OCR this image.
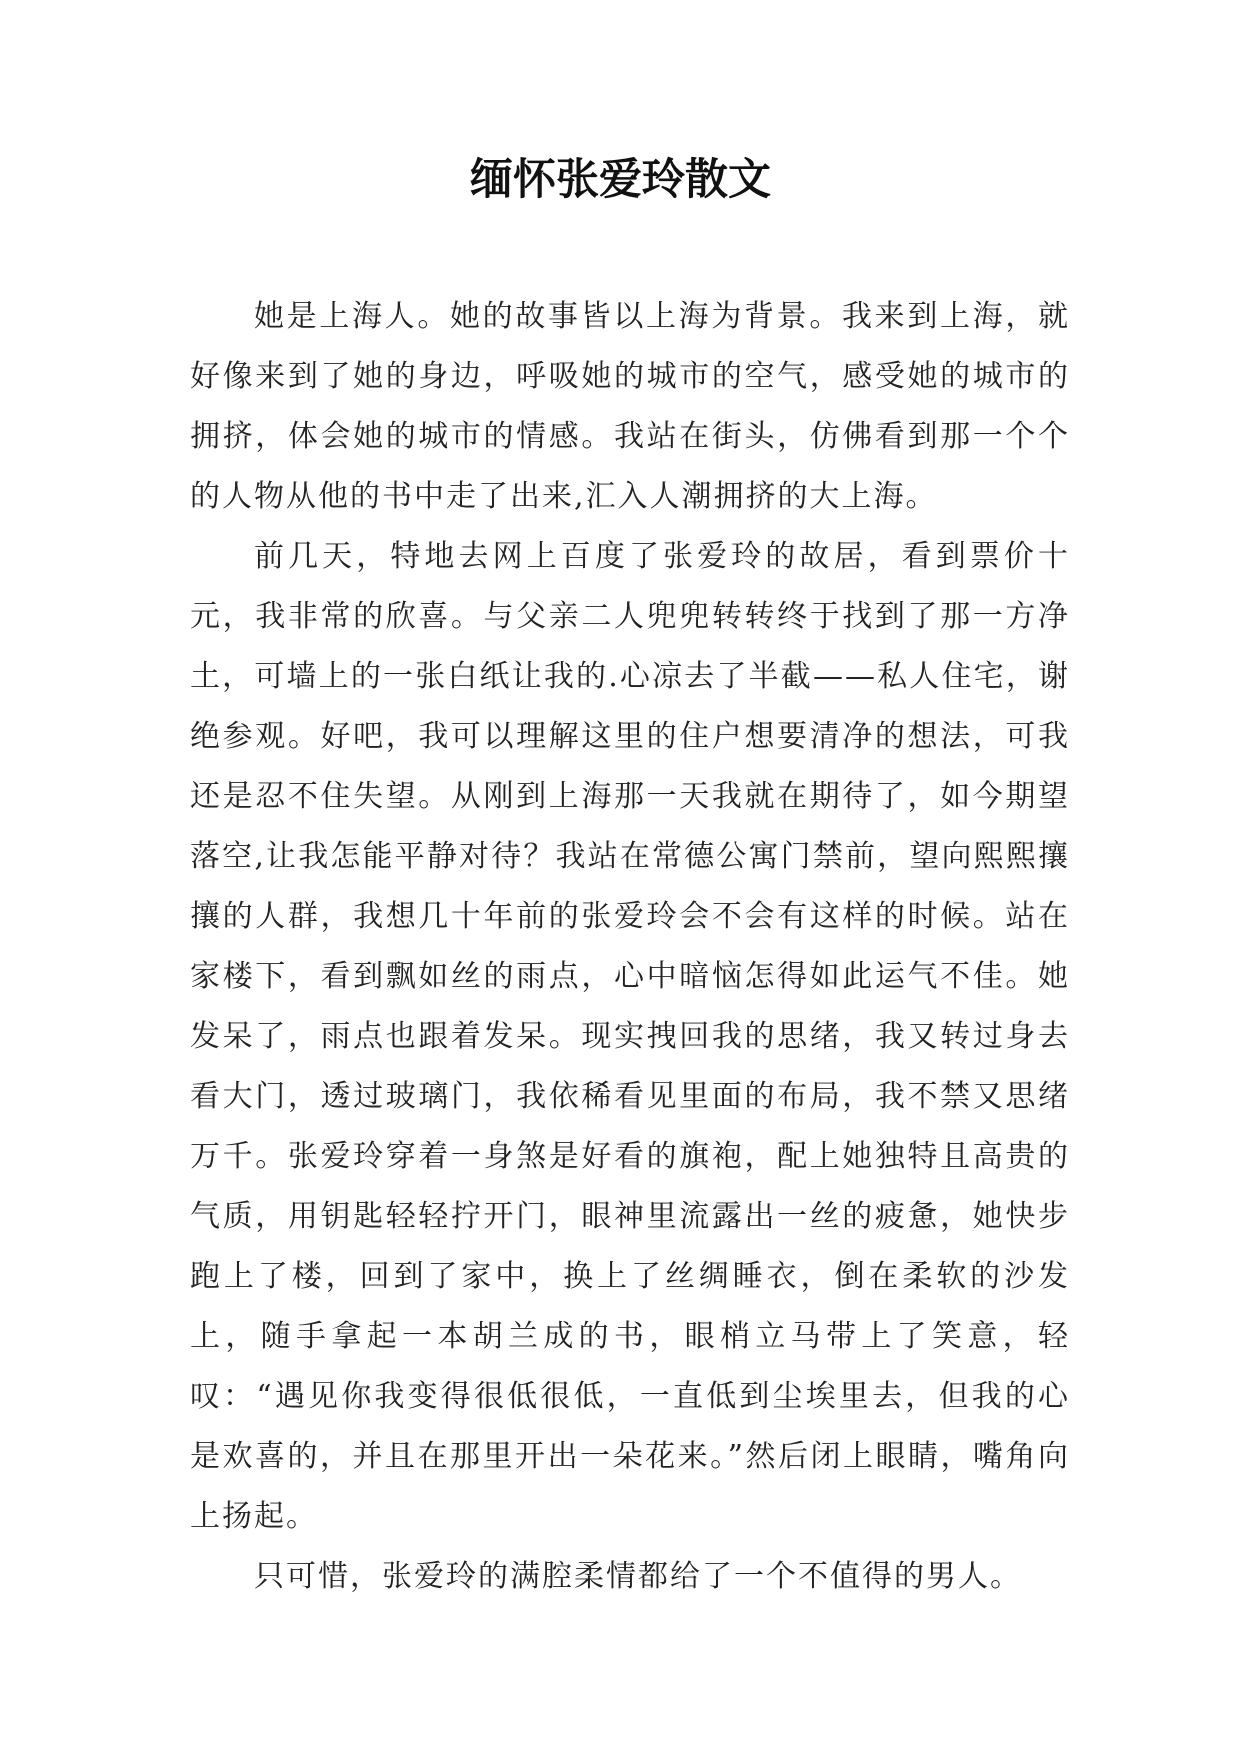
缅怀张爱玲散文

她是上海人。她的故事皆以上海为背景。我来到上海，就好像来到了她的身边，呼吸她的城市的空气，感受她的城市的拥挤，体会她的城市的情感。我站在街头，仿佛看到那一个个的人物从他的书中走了出来,汇入人潮拥挤的大上海。

前几天，特地去网上百度了张爱玲的故居，看到票价十元，我非常的欣喜。与父亲二人兜兜转转终于找到了那一方净土，可墙上的一张白纸让我的.心凉去了半截——私人住宅，谢绝参观。好吧，我可以理解这里的住户想要清净的想法，可我还是忍不住失望。从刚到上海那一天我就在期待了，如今期望落空,让我怎能平静对待？我站在常德公寓门禁前，望向熙熙攘攘的人群，我想几十年前的张爱玲会不会有这样的时候。站在家楼下，看到飘如丝的雨点，心中暗恼怎得如此运气不佳。她发呆了，雨点也跟着发呆。现实拽回我的思绪，我又转过身去看大门，透过玻璃门，我依稀看见里面的布局，我不禁又思绪万千。张爱玲穿着一身煞是好看的旗袍，配上她独特且高贵的气质，用钥匙轻轻拧开门，眼神里流露出一丝的疲惫，她快步跑上了楼，回到了家中，换上了丝绸睡衣，倒在柔软的沙发上，随手拿起一本胡兰成的书，眼梢立马带上了笑意，轻叹：“遇见你我变得很低很低，一直低到尘埃里去，但我的心是欢喜的，并且在那里开出一朵花来。”然后闭上眼睛，嘴角向上扬起。

只可惜，张爱玲的满腔柔情都给了一个不值得的男人。
